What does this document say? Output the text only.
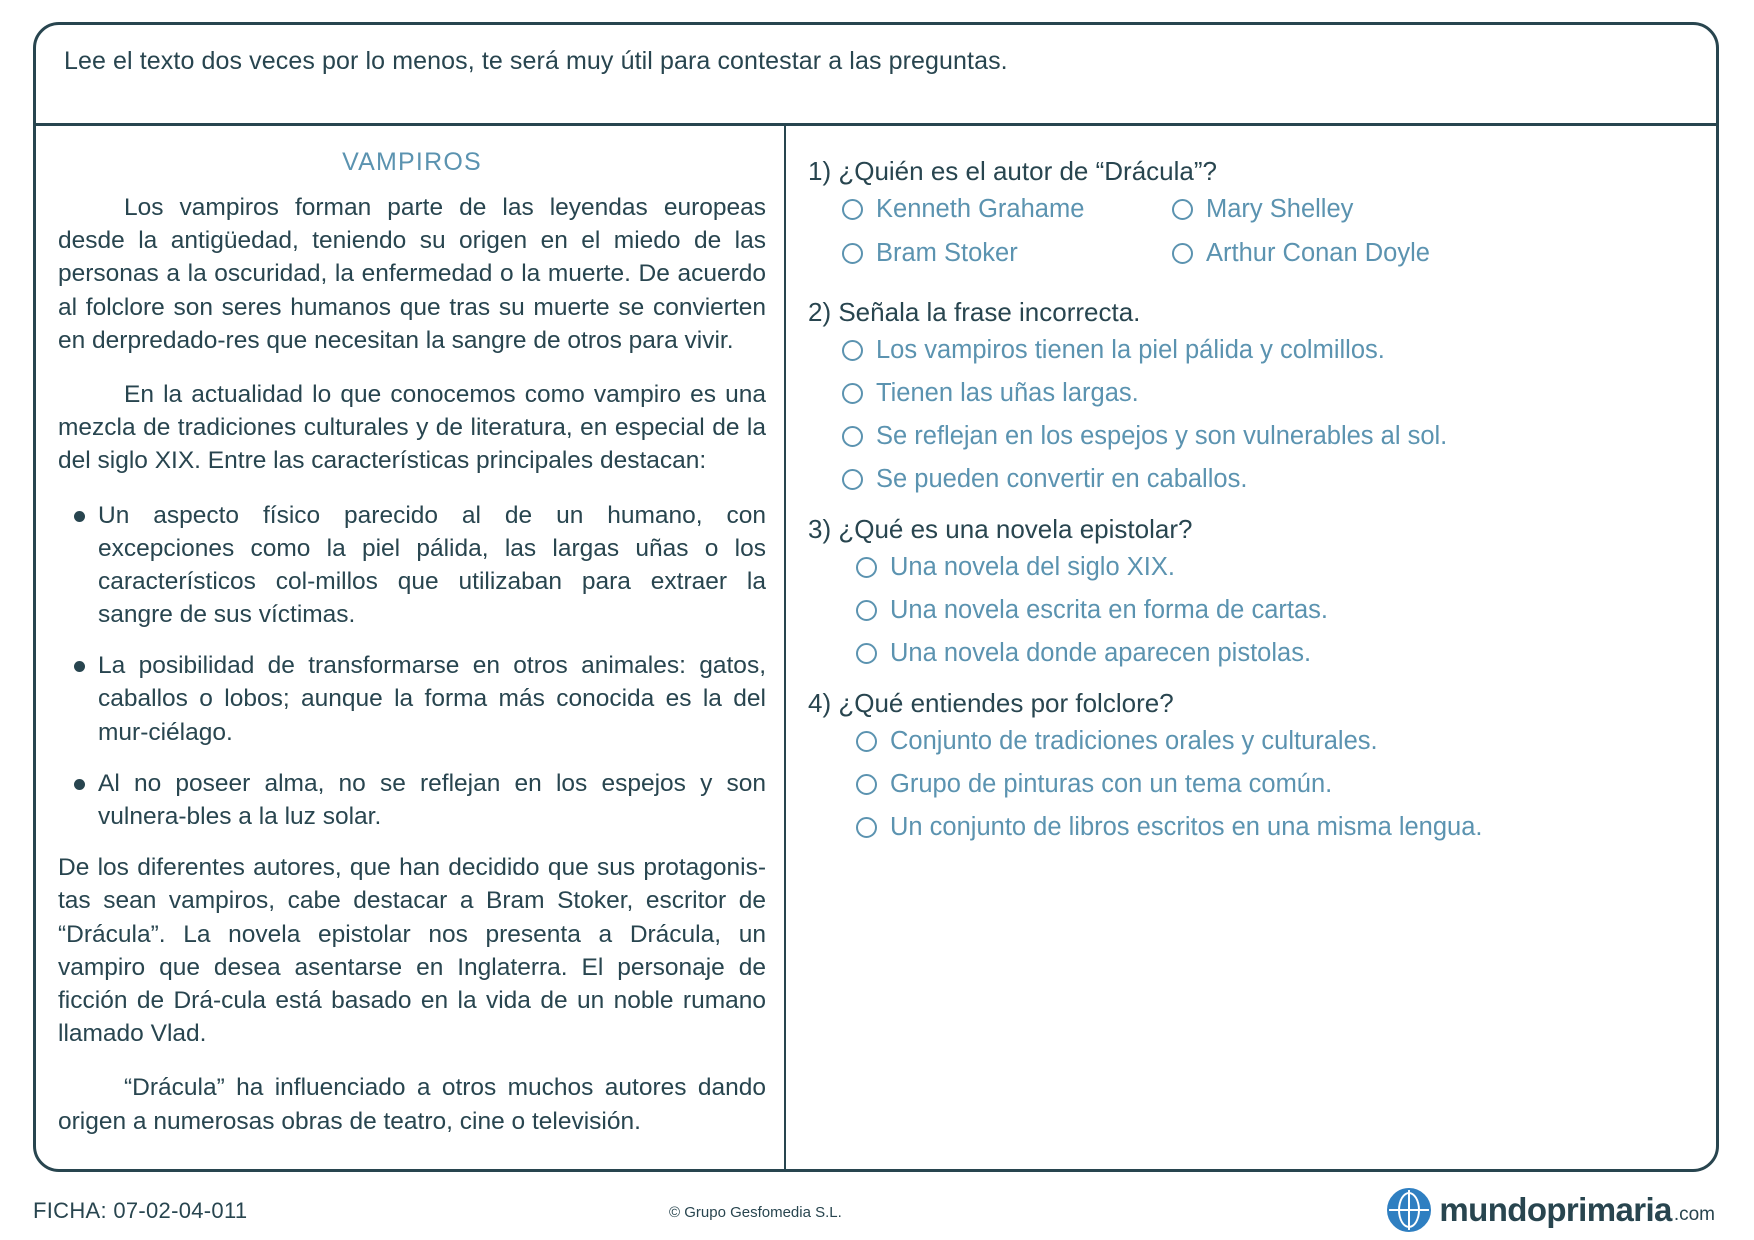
Lee el texto dos veces por lo menos, te será muy útil para contestar a las preguntas.
VAMPIROS

Los vampiros forman parte de las leyendas europeas desde la antigüedad, teniendo su origen en el miedo de las personas a la oscuridad, la enfermedad o la muerte. De acuerdo al folclore son seres humanos que tras su muerte se convierten en derpredado-res que necesitan la sangre de otros para vivir.

En la actualidad lo que conocemos como vampiro es una mezcla de tradiciones culturales y de literatura, en especial de la del siglo XIX. Entre las características principales destacan:

Un aspecto físico parecido al de un humano, con excepciones como la piel pálida, las largas uñas o los característicos col-millos que utilizaban para extraer la sangre de sus víctimas.
La posibilidad de transformarse en otros animales: gatos, caballos o lobos; aunque la forma más conocida es la del mur-ciélago.
Al no poseer alma, no se reflejan en los espejos y son vulnera-bles a la luz solar.

De los diferentes autores, que han decidido que sus protagonis-tas sean vampiros, cabe destacar a Bram Stoker, escritor de “Drácula”. La novela epistolar nos presenta a Drácula, un vampiro que desea asentarse en Inglaterra. El personaje de ficción de Drá-cula está basado en la vida de un noble rumano llamado Vlad.

“Drácula” ha influenciado a otros muchos autores dando origen a numerosas obras de teatro, cine o televisión.

1) ¿Quién es el autor de “Drácula”?
Kenneth Grahame	Mary Shelley
Bram Stoker	Arthur Conan Doyle
2) Señala la frase incorrecta.
Los vampiros tienen la piel pálida y colmillos.
Tienen las uñas largas.
Se reflejan en los espejos y son vulnerables al sol.
Se pueden convertir en caballos.
3) ¿Qué es una novela epistolar?
Una novela del siglo XIX.
Una novela escrita en forma de cartas.
Una novela donde aparecen pistolas.
4) ¿Qué entiendes por folclore?
Conjunto de tradiciones orales y culturales.
Grupo de pinturas con un tema común.
Un conjunto de libros escritos en una misma lengua.
FICHA: 07-02-04-011	© Grupo Gesfomedia S.L.	mundoprimaria .com
